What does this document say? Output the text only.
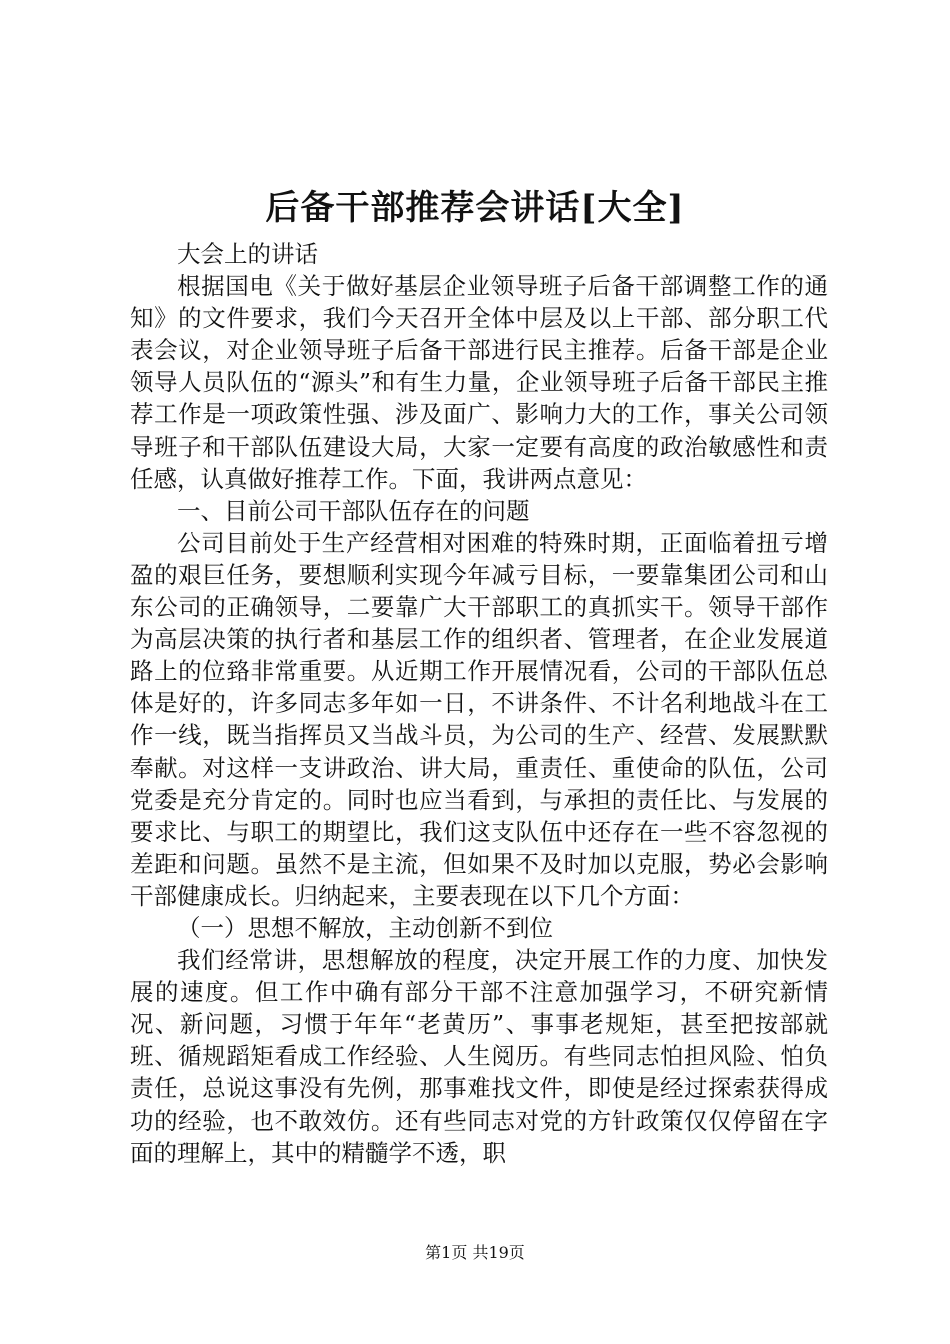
后备干部推荐会讲话[大全]

大会上的讲话

根据国电《关于做好基层企业领导班子后备干部调整工作的通知》的文件要求，我们今天召开全体中层及以上干部、部分职工代表会议，对企业领导班子后备干部进行民主推荐。后备干部是企业领导人员队伍的“源头”和有生力量，企业领导班子后备干部民主推荐工作是一项政策性强、涉及面广、影响力大的工作，事关公司领导班子和干部队伍建设大局，大家一定要有高度的政治敏感性和责任感，认真做好推荐工作。下面，我讲两点意见：

一、目前公司干部队伍存在的问题

公司目前处于生产经营相对困难的特殊时期，正面临着扭亏增盈的艰巨任务，要想顺利实现今年减亏目标，一要靠集团公司和山东公司的正确领导，二要靠广大干部职工的真抓实干。领导干部作为高层决策的执行者和基层工作的组织者、管理者，在企业发展道路上的位臵非常重要。从近期工作开展情况看，公司的干部队伍总体是好的，许多同志多年如一日，不讲条件、不计名利地战斗在工作一线，既当指挥员又当战斗员，为公司的生产、经营、发展默默奉献。对这样一支讲政治、讲大局，重责任、重使命的队伍，公司党委是充分肯定的。同时也应当看到，与承担的责任比、与发展的要求比、与职工的期望比，我们这支队伍中还存在一些不容忽视的差距和问题。虽然不是主流，但如果不及时加以克服，势必会影响干部健康成长。归纳起来，主要表现在以下几个方面：

（一）思想不解放，主动创新不到位

我们经常讲，思想解放的程度，决定开展工作的力度、加快发展的速度。但工作中确有部分干部不注意加强学习，不研究新情况、新问题，习惯于年年“老黄历”、事事老规矩，甚至把按部就班、循规蹈矩看成工作经验、人生阅历。有些同志怕担风险、怕负责任，总说这事没有先例，那事难找文件，即使是经过探索获得成功的经验，也不敢效仿。还有些同志对党的方针政策仅仅停留在字面的理解上，其中的精髓学不透，职

第1页 共19页
